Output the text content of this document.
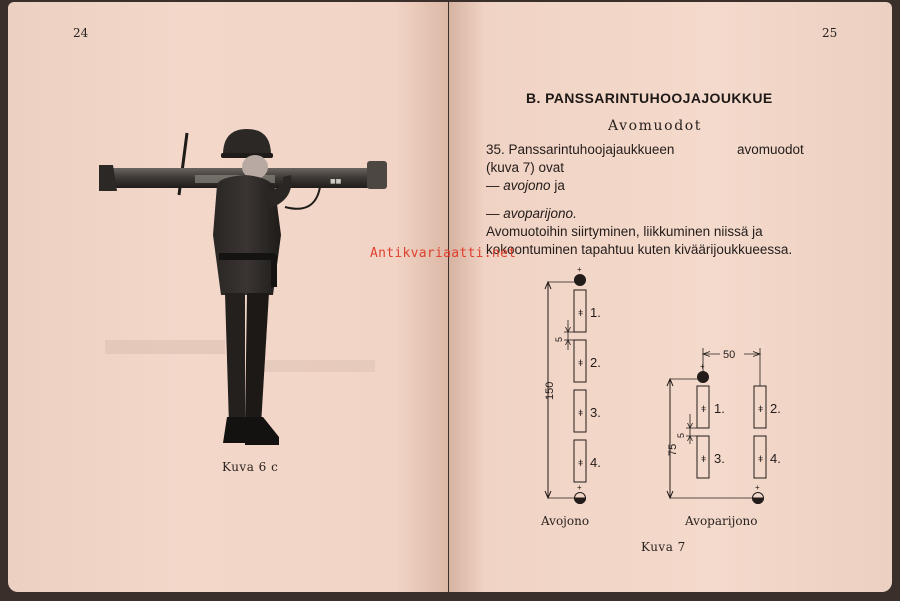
24	25
■■
Kuva 6 c
B. PANSSARINTUHOOJAJOUKKUE
Avomuodot
35. Panssarintuhoojajaukkueen	avomuodot
(kuva 7) ovat
— avojono ja
— avoparijono.
Avomuotoihin siirtyminen, liikkuminen niissä ja
kokoontuminen tapahtuu kuten kiväärijoukkueessa.
Antikvariaatti.net
+
150
5
ǂ
ǂ
ǂ
ǂ
1.
2.
3.
4.
+
50
+
75
5
ǂ	ǂ
ǂ	ǂ
1.	2.
3.	4.
+
Avojono	Avoparijono
Kuva 7
